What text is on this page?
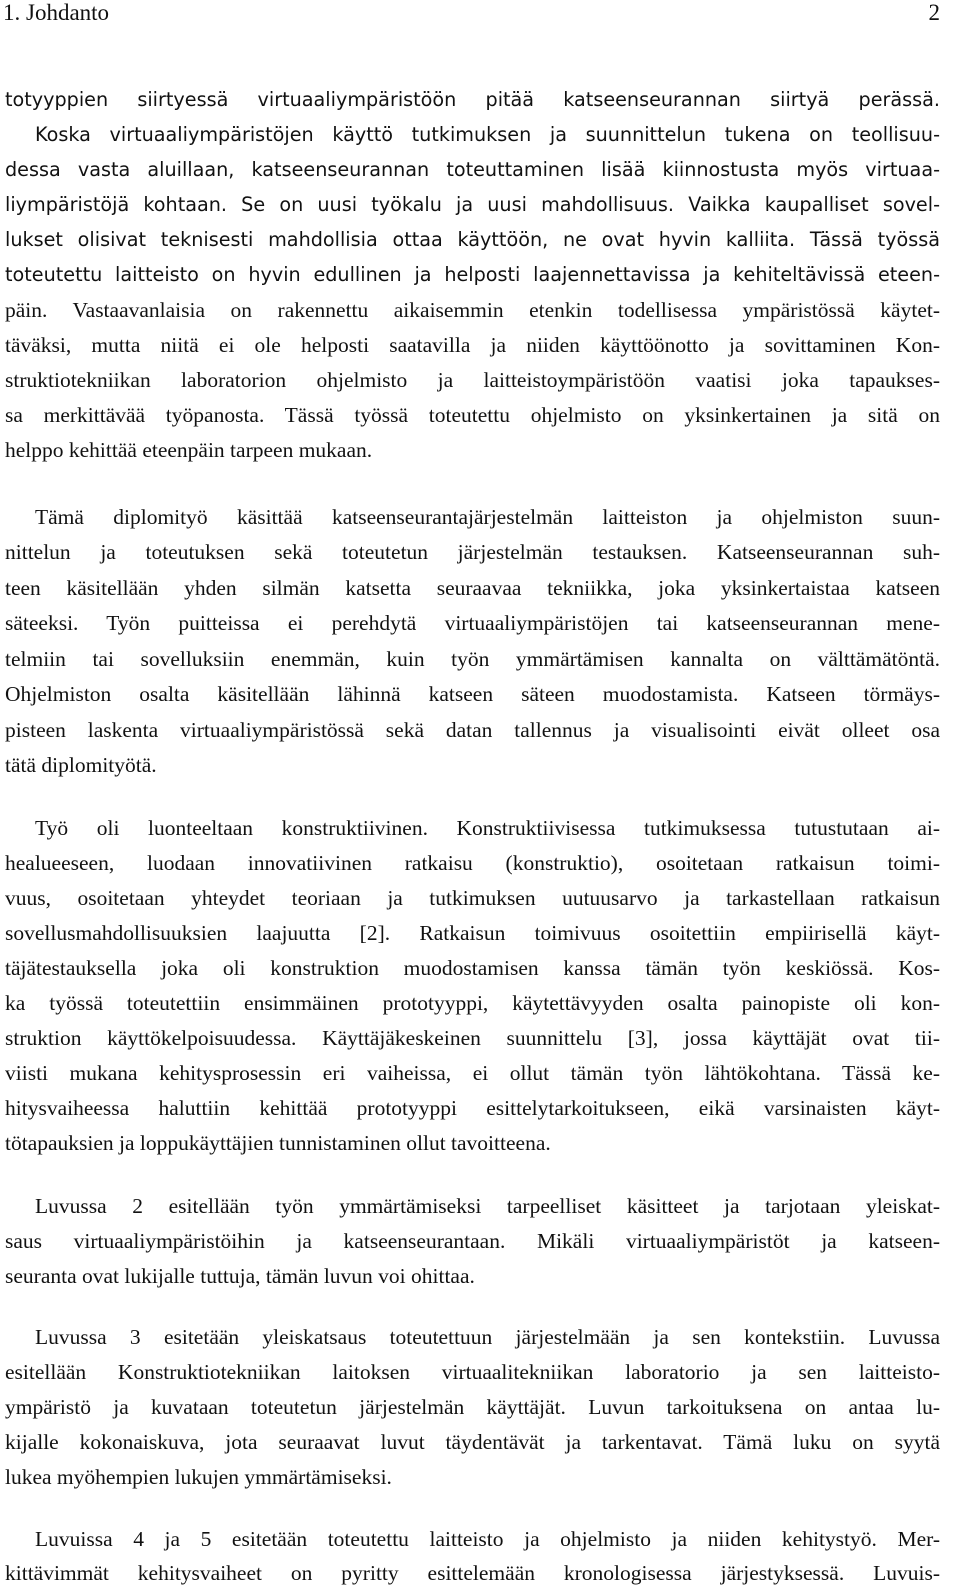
1. Johdanto	2
totyyppien siirtyessä virtuaaliympäristöön pitää katseenseurannan siirtyä perässä.
Koska virtuaaliympäristöjen käyttö tutkimuksen ja suunnittelun tukena on teollisuu-
dessa vasta aluillaan, katseenseurannan toteuttaminen lisää kiinnostusta myös virtuaa-
liympäristöjä kohtaan. Se on uusi työkalu ja uusi mahdollisuus. Vaikka kaupalliset sovel-
lukset olisivat teknisesti mahdollisia ottaa käyttöön, ne ovat hyvin kalliita. Tässä työssä
toteutettu laitteisto on hyvin edullinen ja helposti laajennettavissa ja kehiteltävissä eteen-
päin. Vastaavanlaisia on rakennettu aikaisemmin etenkin todellisessa ympäristössä käytet-
täväksi, mutta niitä ei ole helposti saatavilla ja niiden käyttöönotto ja sovittaminen Kon-
struktiotekniikan laboratorion ohjelmisto ja laitteistoympäristöön vaatisi joka tapaukses-
sa merkittävää työpanosta. Tässä työssä toteutettu ohjelmisto on yksinkertainen ja sitä on
helppo kehittää eteenpäin tarpeen mukaan.
Tämä diplomityö käsittää katseenseurantajärjestelmän laitteiston ja ohjelmiston suun-
nittelun ja toteutuksen sekä toteutetun järjestelmän testauksen. Katseenseurannan suh-
teen käsitellään yhden silmän katsetta seuraavaa tekniikka, joka yksinkertaistaa katseen
säteeksi. Työn puitteissa ei perehdytä virtuaaliympäristöjen tai katseenseurannan mene-
telmiin tai sovelluksiin enemmän, kuin työn ymmärtämisen kannalta on välttämätöntä.
Ohjelmiston osalta käsitellään lähinnä katseen säteen muodostamista. Katseen törmäys-
pisteen laskenta virtuaaliympäristössä sekä datan tallennus ja visualisointi eivät olleet osa
tätä diplomityötä.
Työ oli luonteeltaan konstruktiivinen. Konstruktiivisessa tutkimuksessa tutustutaan ai-
healueeseen, luodaan innovatiivinen ratkaisu (konstruktio), osoitetaan ratkaisun toimi-
vuus, osoitetaan yhteydet teoriaan ja tutkimuksen uutuusarvo ja tarkastellaan ratkaisun
sovellusmahdollisuuksien laajuutta [2]. Ratkaisun toimivuus osoitettiin empiirisellä käyt-
täjätestauksella joka oli konstruktion muodostamisen kanssa tämän työn keskiössä. Kos-
ka työssä toteutettiin ensimmäinen prototyyppi, käytettävyyden osalta painopiste oli kon-
struktion käyttökelpoisuudessa. Käyttäjäkeskeinen suunnittelu [3], jossa käyttäjät ovat tii-
viisti mukana kehitysprosessin eri vaiheissa, ei ollut tämän työn lähtökohtana. Tässä ke-
hitysvaiheessa haluttiin kehittää prototyyppi esittelytarkoitukseen, eikä varsinaisten käyt-
tötapauksien ja loppukäyttäjien tunnistaminen ollut tavoitteena.
Luvussa 2 esitellään työn ymmärtämiseksi tarpeelliset käsitteet ja tarjotaan yleiskat-
saus virtuaaliympäristöihin ja katseenseurantaan. Mikäli virtuaaliympäristöt ja katseen-
seuranta ovat lukijalle tuttuja, tämän luvun voi ohittaa.
Luvussa 3 esitetään yleiskatsaus toteutettuun järjestelmään ja sen kontekstiin. Luvussa
esitellään Konstruktiotekniikan laitoksen virtuaalitekniikan laboratorio ja sen laitteisto-
ympäristö ja kuvataan toteutetun järjestelmän käyttäjät. Luvun tarkoituksena on antaa lu-
kijalle kokonaiskuva, jota seuraavat luvut täydentävät ja tarkentavat. Tämä luku on syytä
lukea myöhempien lukujen ymmärtämiseksi.
Luvuissa 4 ja 5 esitetään toteutettu laitteisto ja ohjelmisto ja niiden kehitystyö. Mer-
kittävimmät kehitysvaiheet on pyritty esittelemään kronologisessa järjestyksessä. Luvuis-
